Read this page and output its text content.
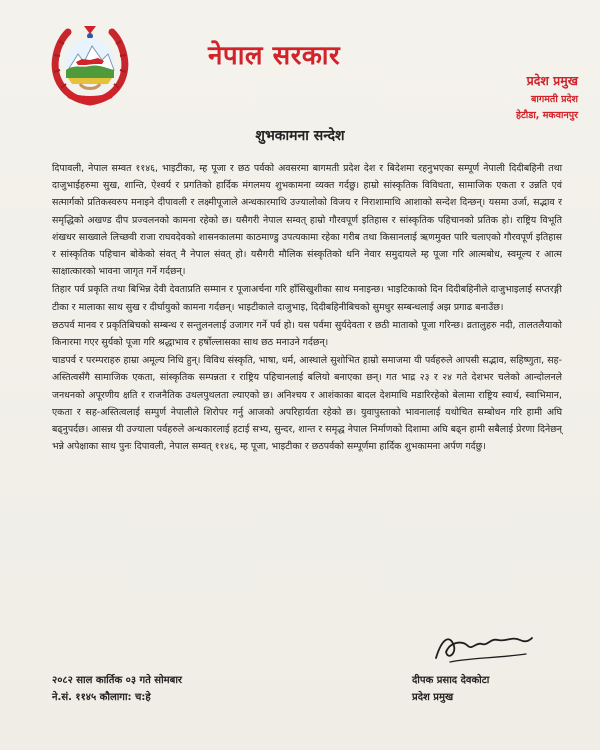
नेपाल सरकार
प्रदेश प्रमुख
बागमती प्रदेश
हेटौडा, मकवानपुर
शुभकामना सन्देश

दिपावली, नेपाल सम्वत ११४६, भाइटीका, म्ह पूजा र छठ पर्वको अवसरमा बागमती प्रदेश देश र बिदेशमा रहनुभएका सम्पूर्ण नेपाली दिदीबहिनी तथा दाजुभाईहरुमा सुख, शान्ति, ऐश्वर्य र प्रगतिको हार्दिक मंगलमय शुभकामना व्यक्त गर्दछु। हाम्रो सांस्कृतिक विविधता, सामाजिक एकता र उन्नति एवं सत्मार्गको प्रतिकस्वरुप मनाइने दीपावली र लक्ष्मीपूजाले अन्धकारमाथि उज्यालोको विजय र निराशामाथि आशाको सन्देश दिन्छन्। यसमा उर्जा, सद्भाव र समृद्धिको अखण्ड दीप प्रज्वलनको कामना रहेको छ। यसैगरी नेपाल सम्वत् हाम्रो गौरवपूर्ण इतिहास र सांस्कृतिक पहिचानको प्रतिक हो। राष्ट्रिय विभूति शंखधर साख्वाले लिच्छवी राजा राघवदेवको शासनकालमा काठमाण्डु उपत्यकामा रहेका गरीब तथा किसानलाई ऋणमुक्त पारि चलाएको गौरवपूर्ण इतिहास र सांस्कृतिक पहिचान बोकेको संवत् नै नेपाल संवत् हो। यसैगरी मौलिक संस्कृतिको धनि नेवार समुदायले म्ह पूजा गरि आत्मबोध, स्वमूल्य र आत्म साक्षात्कारको भावना जागृत गर्ने गर्दछन्।

तिहार पर्व प्रकृति तथा बिभिन्न देवी देवताप्रति सम्मान र पूजाअर्चना गरि हाँसिखुशीका साथ मनाइन्छ। भाइटिकाको दिन दिदीबहिनीले दाजुभाइलाई सप्तरङ्गी टीका र मालाका साथ सुख र दीर्घायुको कामना गर्दछन्। भाइटीकाले दाजुभाइ, दिदीबहिनीबिचको सुमधुर सम्बन्धलाई अझ प्रगाढ बनाउँछ।

छठपर्व मानव र प्रकृतिबिचको सम्बन्ध र सन्तुलनलाई उजागर गर्ने पर्व हो। यस पर्वमा सुर्यदेवता र छठी माताको पूजा गरिन्छ। व्रतालुहरु नदी, तालतलैयाको किनारमा गएर सुर्यको पूजा गरि श्रद्धाभाव र हर्षोल्लासका साथ छठ मनाउने गर्दछन्।

चाडपर्व र परम्पराहरु हाम्रा अमूल्य निधि हुन्। विविध संस्कृति, भाषा, धर्म, आस्थाले सुशोभित हाम्रो समाजमा यी पर्वहरुले आपसी सद्भाव, सहिष्णुता, सह-अस्तित्वसँगै सामाजिक एकता, सांस्कृतिक सम्पन्नता र राष्ट्रिय पहिचानलाई बलियो बनाएका छन्। गत भाद्र २३ र २४ गते देशभर चलेको आन्दोलनले जनधनको अपूरणीय क्षति र राजनैतिक उथलपुथलता ल्याएको छ। अनिश्चय र आशंकाका बादल देशमाथि मडारिरहेको बेलामा राष्ट्रिय स्वार्थ, स्वाभिमान, एकता र सह-अस्तित्वलाई सम्पुर्ण नेपालीले शिरोपर गर्नु आजको अपरिहार्यता रहेको छ। युवापुस्ताको भावनालाई यथोचित सम्बोधन गरि हामी अघि बढ्नुपर्दछ। आसन्न यी उज्याला पर्वहरुले अन्धकारलाई हटाई सभ्य, सुन्दर, शान्त र समृद्ध नेपाल निर्माणको दिशामा अघि बढ्न हामी सबैलाई प्रेरणा दिनेछन् भन्ने अपेक्षाका साथ पुनः दिपावली, नेपाल सम्वत् ११४६, म्ह पूजा, भाइटीका र छठपर्वको सम्पूर्णमा हार्दिक शुभकामना अर्पण गर्दछु।

२०८२ साल कार्तिक ०३ गते सोमबार
ने.सं. ११४५ कौलागा: च:हे
दीपक प्रसाद देवकोटा
प्रदेश प्रमुख
